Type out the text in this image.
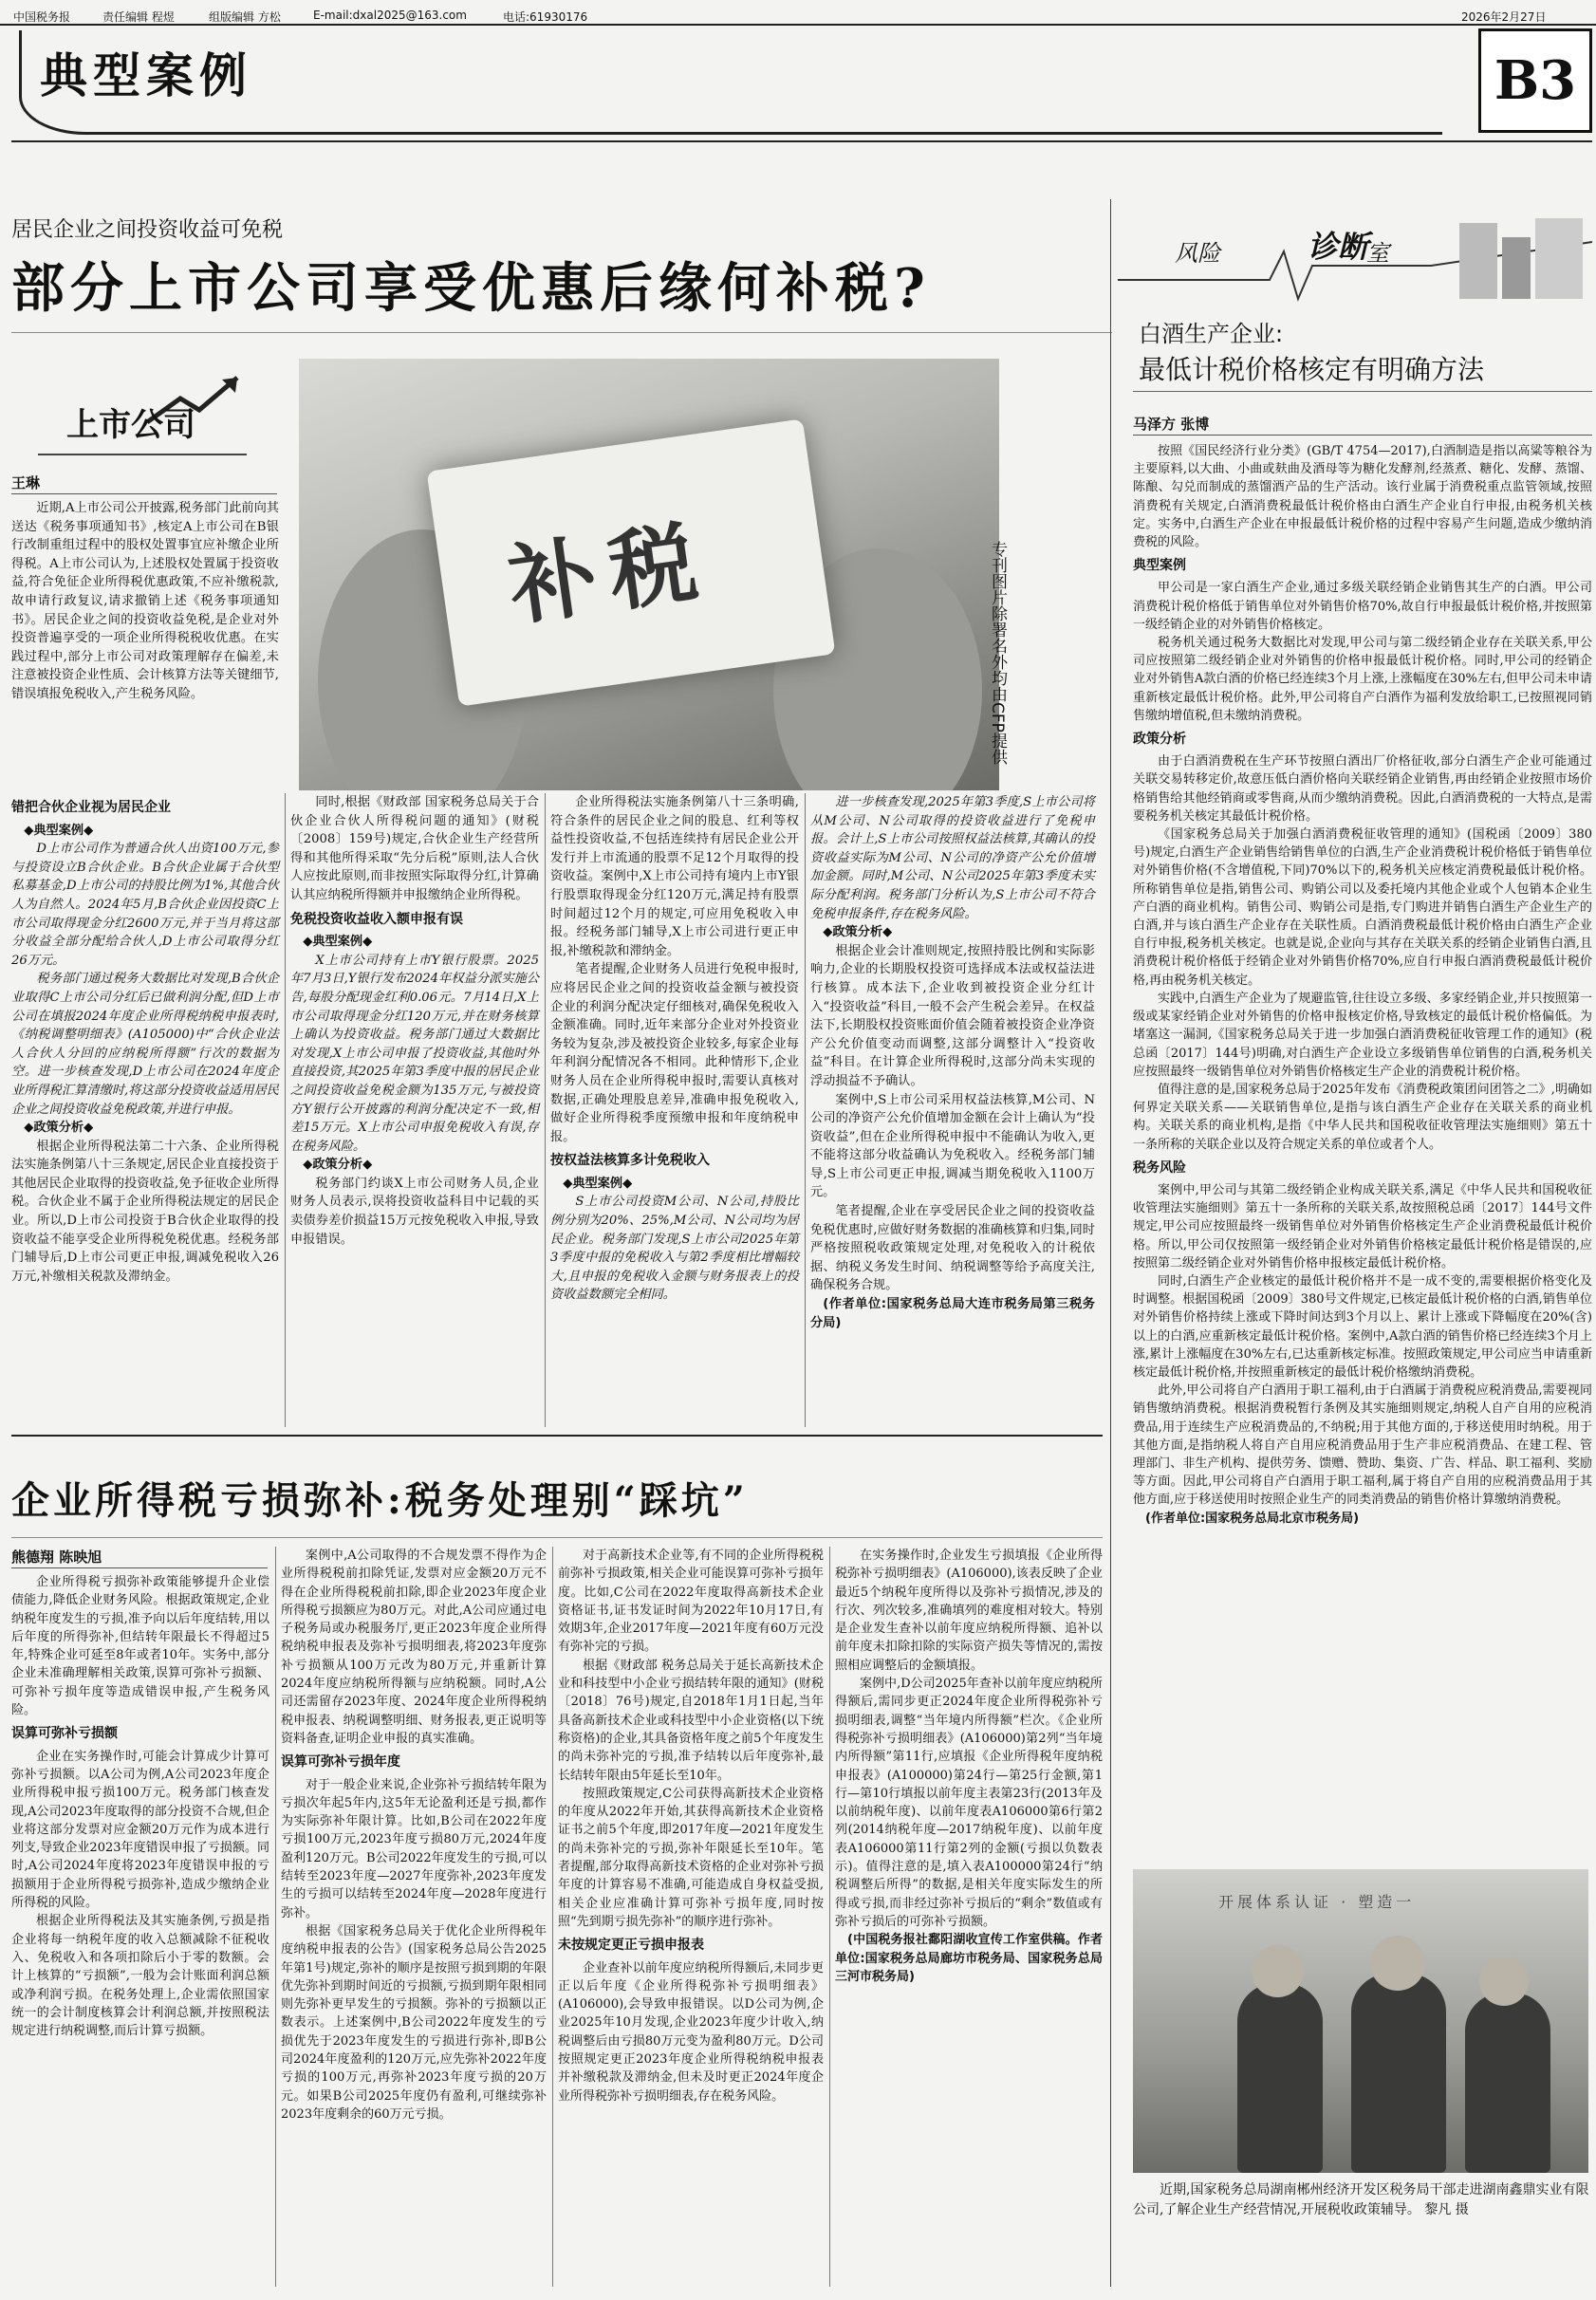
中国税务报	责任编辑 程煜	组版编辑 方松	E-mail:dxal2025@163.com	电话:61930176	2026年2月27日
典型案例	B3
居民企业之间投资收益可免税
部分上市公司享受优惠后缘何补税?
上市公司
补税	专刊图片除署名外均由CFP提供
王琳

近期,A上市公司公开披露,税务部门此前向其送达《税务事项通知书》,核定A上市公司在B银行改制重组过程中的股权处置事宜应补缴企业所得税。A上市公司认为,上述股权处置属于投资收益,符合免征企业所得税优惠政策,不应补缴税款,故申请行政复议,请求撤销上述《税务事项通知书》。居民企业之间的投资收益免税,是企业对外投资普遍享受的一项企业所得税税收优惠。在实践过程中,部分上市公司对政策理解存在偏差,未注意被投资企业性质、会计核算方法等关键细节,错误填报免税收入,产生税务风险。

错把合伙企业视为居民企业

◆典型案例◆

D上市公司作为普通合伙人出资100万元,参与投资设立B合伙企业。B合伙企业属于合伙型私募基金,D上市公司的持股比例为1%,其他合伙人为自然人。2024年5月,B合伙企业因投资C上市公司取得现金分红2600万元,并于当月将这部分收益全部分配给合伙人,D上市公司取得分红26万元。

税务部门通过税务大数据比对发现,B合伙企业取得C上市公司分红后已做利润分配,但D上市公司在填报2024年度企业所得税纳税申报表时,《纳税调整明细表》(A105000)中“合伙企业法人合伙人分回的应纳税所得额”行次的数据为空。进一步核查发现,D上市公司在2024年度企业所得税汇算清缴时,将这部分投资收益适用居民企业之间投资收益免税政策,并进行申报。

◆政策分析◆

根据企业所得税法第二十六条、企业所得税法实施条例第八十三条规定,居民企业直接投资于其他居民企业取得的投资收益,免予征收企业所得税。合伙企业不属于企业所得税法规定的居民企业。所以,D上市公司投资于B合伙企业取得的投资收益不能享受企业所得税免税优惠。经税务部门辅导后,D上市公司更正申报,调减免税收入26万元,补缴相关税款及滞纳金。

同时,根据《财政部 国家税务总局关于合伙企业合伙人所得税问题的通知》(财税〔2008〕159号)规定,合伙企业生产经营所得和其他所得采取“先分后税”原则,法人合伙人应按此原则,而非按照实际取得分红,计算确认其应纳税所得额并申报缴纳企业所得税。

免税投资收益收入额申报有误

◆典型案例◆

X上市公司持有上市Y银行股票。2025年7月3日,Y银行发布2024年权益分派实施公告,每股分配现金红利0.06元。7月14日,X上市公司取得现金分红120万元,并在财务核算上确认为投资收益。税务部门通过大数据比对发现,X上市公司申报了投资收益,其他时外直接投资,其2025年第3季度中报的居民企业之间投资收益免税金额为135万元,与被投资方Y银行公开披露的利润分配决定不一致,相差15万元。X上市公司申报免税收入有误,存在税务风险。

◆政策分析◆

税务部门约谈X上市公司财务人员,企业财务人员表示,误将投资收益科目中记载的买卖债券差价损益15万元按免税收入申报,导致申报错误。

企业所得税法实施条例第八十三条明确,符合条件的居民企业之间的股息、红利等权益性投资收益,不包括连续持有居民企业公开发行并上市流通的股票不足12个月取得的投资收益。案例中,X上市公司持有境内上市Y银行股票取得现金分红120万元,满足持有股票时间超过12个月的规定,可应用免税收入申报。经税务部门辅导,X上市公司进行更正申报,补缴税款和滞纳金。

笔者提醒,企业财务人员进行免税申报时,应将居民企业之间的投资收益金额与被投资企业的利润分配决定仔细核对,确保免税收入金额准确。同时,近年来部分企业对外投资业务较为复杂,涉及被投资企业较多,每家企业每年利润分配情况各不相同。此种情形下,企业财务人员在企业所得税申报时,需要认真核对数据,正确处理股息差异,准确申报免税收入,做好企业所得税季度预缴申报和年度纳税申报。

按权益法核算多计免税收入

◆典型案例◆

S上市公司投资M公司、N公司,持股比例分别为20%、25%,M公司、N公司均为居民企业。税务部门发现,S上市公司2025年第3季度中报的免税收入与第2季度相比增幅较大,且申报的免税收入金额与财务报表上的投资收益数额完全相同。

进一步核查发现,2025年第3季度,S上市公司将从M公司、N公司取得的投资收益进行了免税申报。会计上,S上市公司按照权益法核算,其确认的投资收益实际为M公司、N公司的净资产公允价值增加金额。同时,M公司、N公司2025年第3季度未实际分配利润。税务部门分析认为,S上市公司不符合免税申报条件,存在税务风险。

◆政策分析◆

根据企业会计准则规定,按照持股比例和实际影响力,企业的长期股权投资可选择成本法或权益法进行核算。成本法下,企业收到被投资企业分红计入“投资收益”科目,一般不会产生税会差异。在权益法下,长期股权投资账面价值会随着被投资企业净资产公允价值变动而调整,这部分调整计入“投资收益”科目。在计算企业所得税时,这部分尚未实现的浮动损益不予确认。

案例中,S上市公司采用权益法核算,M公司、N公司的净资产公允价值增加金额在会计上确认为“投资收益”,但在企业所得税申报中不能确认为收入,更不能将这部分收益确认为免税收入。经税务部门辅导,S上市公司更正申报,调减当期免税收入1100万元。

笔者提醒,企业在享受居民企业之间的投资收益免税优惠时,应做好财务数据的准确核算和归集,同时严格按照税收政策规定处理,对免税收入的计税依据、纳税义务发生时间、纳税调整等给予高度关注,确保税务合规。

(作者单位:国家税务总局大连市税务局第三税务分局)

风险	诊断
室
白酒生产企业:
最低计税价格核定有明确方法
马泽方 张博

按照《国民经济行业分类》(GB/T 4754—2017),白酒制造是指以高粱等粮谷为主要原料,以大曲、小曲或麸曲及酒母等为糖化发酵剂,经蒸煮、糖化、发酵、蒸馏、陈酿、勾兑而制成的蒸馏酒产品的生产活动。该行业属于消费税重点监管领域,按照消费税有关规定,白酒消费税最低计税价格由白酒生产企业自行申报,由税务机关核定。实务中,白酒生产企业在申报最低计税价格的过程中容易产生问题,造成少缴纳消费税的风险。

典型案例

甲公司是一家白酒生产企业,通过多级关联经销企业销售其生产的白酒。甲公司消费税计税价格低于销售单位对外销售价格70%,故自行申报最低计税价格,并按照第一级经销企业的对外销售价格核定。

税务机关通过税务大数据比对发现,甲公司与第二级经销企业存在关联关系,甲公司应按照第二级经销企业对外销售的价格申报最低计税价格。同时,甲公司的经销企业对外销售A款白酒的价格已经连续3个月上涨,上涨幅度在30%左右,但甲公司未申请重新核定最低计税价格。此外,甲公司将自产白酒作为福利发放给职工,已按照视同销售缴纳增值税,但未缴纳消费税。

政策分析

由于白酒消费税在生产环节按照白酒出厂价格征收,部分白酒生产企业可能通过关联交易转移定价,故意压低白酒价格向关联经销企业销售,再由经销企业按照市场价格销售给其他经销商或零售商,从而少缴纳消费税。因此,白酒消费税的一大特点,是需要税务机关核定其最低计税价格。

《国家税务总局关于加强白酒消费税征收管理的通知》(国税函〔2009〕380号)规定,白酒生产企业销售给销售单位的白酒,生产企业消费税计税价格低于销售单位对外销售价格(不含增值税,下同)70%以下的,税务机关应核定消费税最低计税价格。所称销售单位是指,销售公司、购销公司以及委托境内其他企业或个人包销本企业生产白酒的商业机构。销售公司、购销公司是指,专门购进并销售白酒生产企业生产的白酒,并与该白酒生产企业存在关联性质。白酒消费税最低计税价格由白酒生产企业自行申报,税务机关核定。也就是说,企业向与其存在关联关系的经销企业销售白酒,且消费税计税价格低于经销企业对外销售价格70%,应自行申报白酒消费税最低计税价格,再由税务机关核定。

实践中,白酒生产企业为了规避监管,往往设立多级、多家经销企业,并只按照第一级或某家经销企业对外销售的价格申报核定价格,导致核定的最低计税价格偏低。为堵塞这一漏洞,《国家税务总局关于进一步加强白酒消费税征收管理工作的通知》(税总函〔2017〕144号)明确,对白酒生产企业设立多级销售单位销售的白酒,税务机关应按照最终一级销售单位对外销售价格核定生产企业的消费税计税价格。

值得注意的是,国家税务总局于2025年发布《消费税政策团问团答之二》,明确如何界定关联关系——关联销售单位,是指与该白酒生产企业存在关联关系的商业机构。关联关系的商业机构,是指《中华人民共和国税收征收管理法实施细则》第五十一条所称的关联企业以及符合规定关系的单位或者个人。

税务风险

案例中,甲公司与其第二级经销企业构成关联关系,满足《中华人民共和国税收征收管理法实施细则》第五十一条所称的关联关系,故按照税总函〔2017〕144号文件规定,甲公司应按照最终一级销售单位对外销售价格核定生产企业消费税最低计税价格。所以,甲公司仅按照第一级经销企业对外销售价格核定最低计税价格是错误的,应按照第二级经销企业对外销售价格申报核定最低计税价格。

同时,白酒生产企业核定的最低计税价格并不是一成不变的,需要根据价格变化及时调整。根据国税函〔2009〕380号文件规定,已核定最低计税价格的白酒,销售单位对外销售价格持续上涨或下降时间达到3个月以上、累计上涨或下降幅度在20%(含)以上的白酒,应重新核定最低计税价格。案例中,A款白酒的销售价格已经连续3个月上涨,累计上涨幅度在30%左右,已达重新核定标准。按照政策规定,甲公司应当申请重新核定最低计税价格,并按照重新核定的最低计税价格缴纳消费税。

此外,甲公司将自产白酒用于职工福利,由于白酒属于消费税应税消费品,需要视同销售缴纳消费税。根据消费税暂行条例及其实施细则规定,纳税人自产自用的应税消费品,用于连续生产应税消费品的,不纳税;用于其他方面的,于移送使用时纳税。用于其他方面,是指纳税人将自产自用应税消费品用于生产非应税消费品、在建工程、管理部门、非生产机构、提供劳务、馈赠、赞助、集资、广告、样品、职工福利、奖励等方面。因此,甲公司将自产白酒用于职工福利,属于将自产自用的应税消费品用于其他方面,应于移送使用时按照企业生产的同类消费品的销售价格计算缴纳消费税。

(作者单位:国家税务总局北京市税务局)

开展体系认证 · 塑造一
近期,国家税务总局湖南郴州经济开发区税务局干部走进湖南鑫鼎实业有限公司,了解企业生产经营情况,开展税收政策辅导。 黎凡 摄
企业所得税亏损弥补:税务处理别“踩坑”
熊德翔 陈映旭

企业所得税亏损弥补政策能够提升企业偿债能力,降低企业财务风险。根据政策规定,企业纳税年度发生的亏损,准予向以后年度结转,用以后年度的所得弥补,但结转年限最长不得超过5年,特殊企业可延至8年或者10年。实务中,部分企业未准确理解相关政策,误算可弥补亏损额、可弥补亏损年度等造成错误申报,产生税务风险。

误算可弥补亏损额

企业在实务操作时,可能会计算成少计算可弥补亏损额。以A公司为例,A公司2023年度企业所得税申报亏损100万元。税务部门核查发现,A公司2023年度取得的部分投资不合规,但企业将这部分发票对应金额20万元作为成本进行列支,导致企业2023年度错误申报了亏损额。同时,A公司2024年度将2023年度错误申报的亏损额用于企业所得税亏损弥补,造成少缴纳企业所得税的风险。

根据企业所得税法及其实施条例,亏损是指企业将每一纳税年度的收入总额减除不征税收入、免税收入和各项扣除后小于零的数额。会计上核算的“亏损额”,一般为会计账面利润总额或净利润亏损。在税务处理上,企业需依照国家统一的会计制度核算会计利润总额,并按照税法规定进行纳税调整,而后计算亏损额。

案例中,A公司取得的不合规发票不得作为企业所得税税前扣除凭证,发票对应金额20万元不得在企业所得税税前扣除,即企业2023年度企业所得税亏损额应为80万元。对此,A公司应通过电子税务局或办税服务厅,更正2023年度企业所得税纳税申报表及弥补亏损明细表,将2023年度弥补亏损额从100万元改为80万元,并重新计算2024年度应纳税所得额与应纳税额。同时,A公司还需留存2023年度、2024年度企业所得税纳税申报表、纳税调整明细、财务报表,更正说明等资料备查,证明企业申报的真实准确。

误算可弥补亏损年度

对于一般企业来说,企业弥补亏损结转年限为亏损次年起5年内,这5年无论盈利还是亏损,都作为实际弥补年限计算。比如,B公司在2022年度亏损100万元,2023年度亏损80万元,2024年度盈利120万元。B公司2022年度发生的亏损,可以结转至2023年度—2027年度弥补,2023年度发生的亏损可以结转至2024年度—2028年度进行弥补。

根据《国家税务总局关于优化企业所得税年度纳税申报表的公告》(国家税务总局公告2025年第1号)规定,弥补的顺序是按照亏损到期的年限优先弥补到期时间近的亏损额,亏损到期年限相同则先弥补更早发生的亏损额。弥补的亏损额以正数表示。上述案例中,B公司2022年度发生的亏损优先于2023年度发生的亏损进行弥补,即B公司2024年度盈利的120万元,应先弥补2022年度亏损的100万元,再弥补2023年度亏损的20万元。如果B公司2025年度仍有盈利,可继续弥补2023年度剩余的60万元亏损。

对于高新技术企业等,有不同的企业所得税税前弥补亏损政策,相关企业可能误算可弥补亏损年度。比如,C公司在2022年度取得高新技术企业资格证书,证书发证时间为2022年10月17日,有效期3年,企业2017年度—2021年度有60万元没有弥补完的亏损。

根据《财政部 税务总局关于延长高新技术企业和科技型中小企业亏损结转年限的通知》(财税〔2018〕76号)规定,自2018年1月1日起,当年具备高新技术企业或科技型中小企业资格(以下统称资格)的企业,其具备资格年度之前5个年度发生的尚未弥补完的亏损,准予结转以后年度弥补,最长结转年限由5年延长至10年。

按照政策规定,C公司获得高新技术企业资格的年度从2022年开始,其获得高新技术企业资格证书之前5个年度,即2017年度—2021年度发生的尚未弥补完的亏损,弥补年限延长至10年。笔者提醒,部分取得高新技术资格的企业对弥补亏损年度的计算容易不准确,可能造成自身权益受损,相关企业应准确计算可弥补亏损年度,同时按照“先到期亏损先弥补”的顺序进行弥补。

未按规定更正亏损申报表

企业查补以前年度应纳税所得额后,未同步更正以后年度《企业所得税弥补亏损明细表》(A106000),会导致申报错误。以D公司为例,企业2025年10月发现,企业2023年度少计收入,纳税调整后由亏损80万元变为盈利80万元。D公司按照规定更正2023年度企业所得税纳税申报表并补缴税款及滞纳金,但未及时更正2024年度企业所得税弥补亏损明细表,存在税务风险。

在实务操作时,企业发生亏损填报《企业所得税弥补亏损明细表》(A106000),该表反映了企业最近5个纳税年度所得以及弥补亏损情况,涉及的行次、列次较多,准确填列的难度相对较大。特别是企业发生查补以前年度应纳税所得额、追补以前年度未扣除扣除的实际资产损失等情况的,需按照相应调整后的金额填报。

案例中,D公司2025年查补以前年度应纳税所得额后,需同步更正2024年度企业所得税弥补亏损明细表,调整“当年境内所得额”栏次。《企业所得税弥补亏损明细表》(A106000)第2列“当年境内所得额”第11行,应填报《企业所得税年度纳税申报表》(A100000)第24行—第25行金额,第1行—第10行填报以前年度主表第23行(2013年及以前纳税年度)、以前年度表A106000第6行第2列(2014纳税年度—2017纳税年度)、以前年度表A106000第11行第2列的金额(亏损以负数表示)。值得注意的是,填入表A100000第24行“纳税调整后所得”的数据,是相关年度实际发生的所得或亏损,而非经过弥补亏损后的“剩余”数值或有弥补亏损后的可弥补亏损额。

(中国税务报社鄱阳湖收宣传工作室供稿。作者单位:国家税务总局廊坊市税务局、国家税务总局三河市税务局)
